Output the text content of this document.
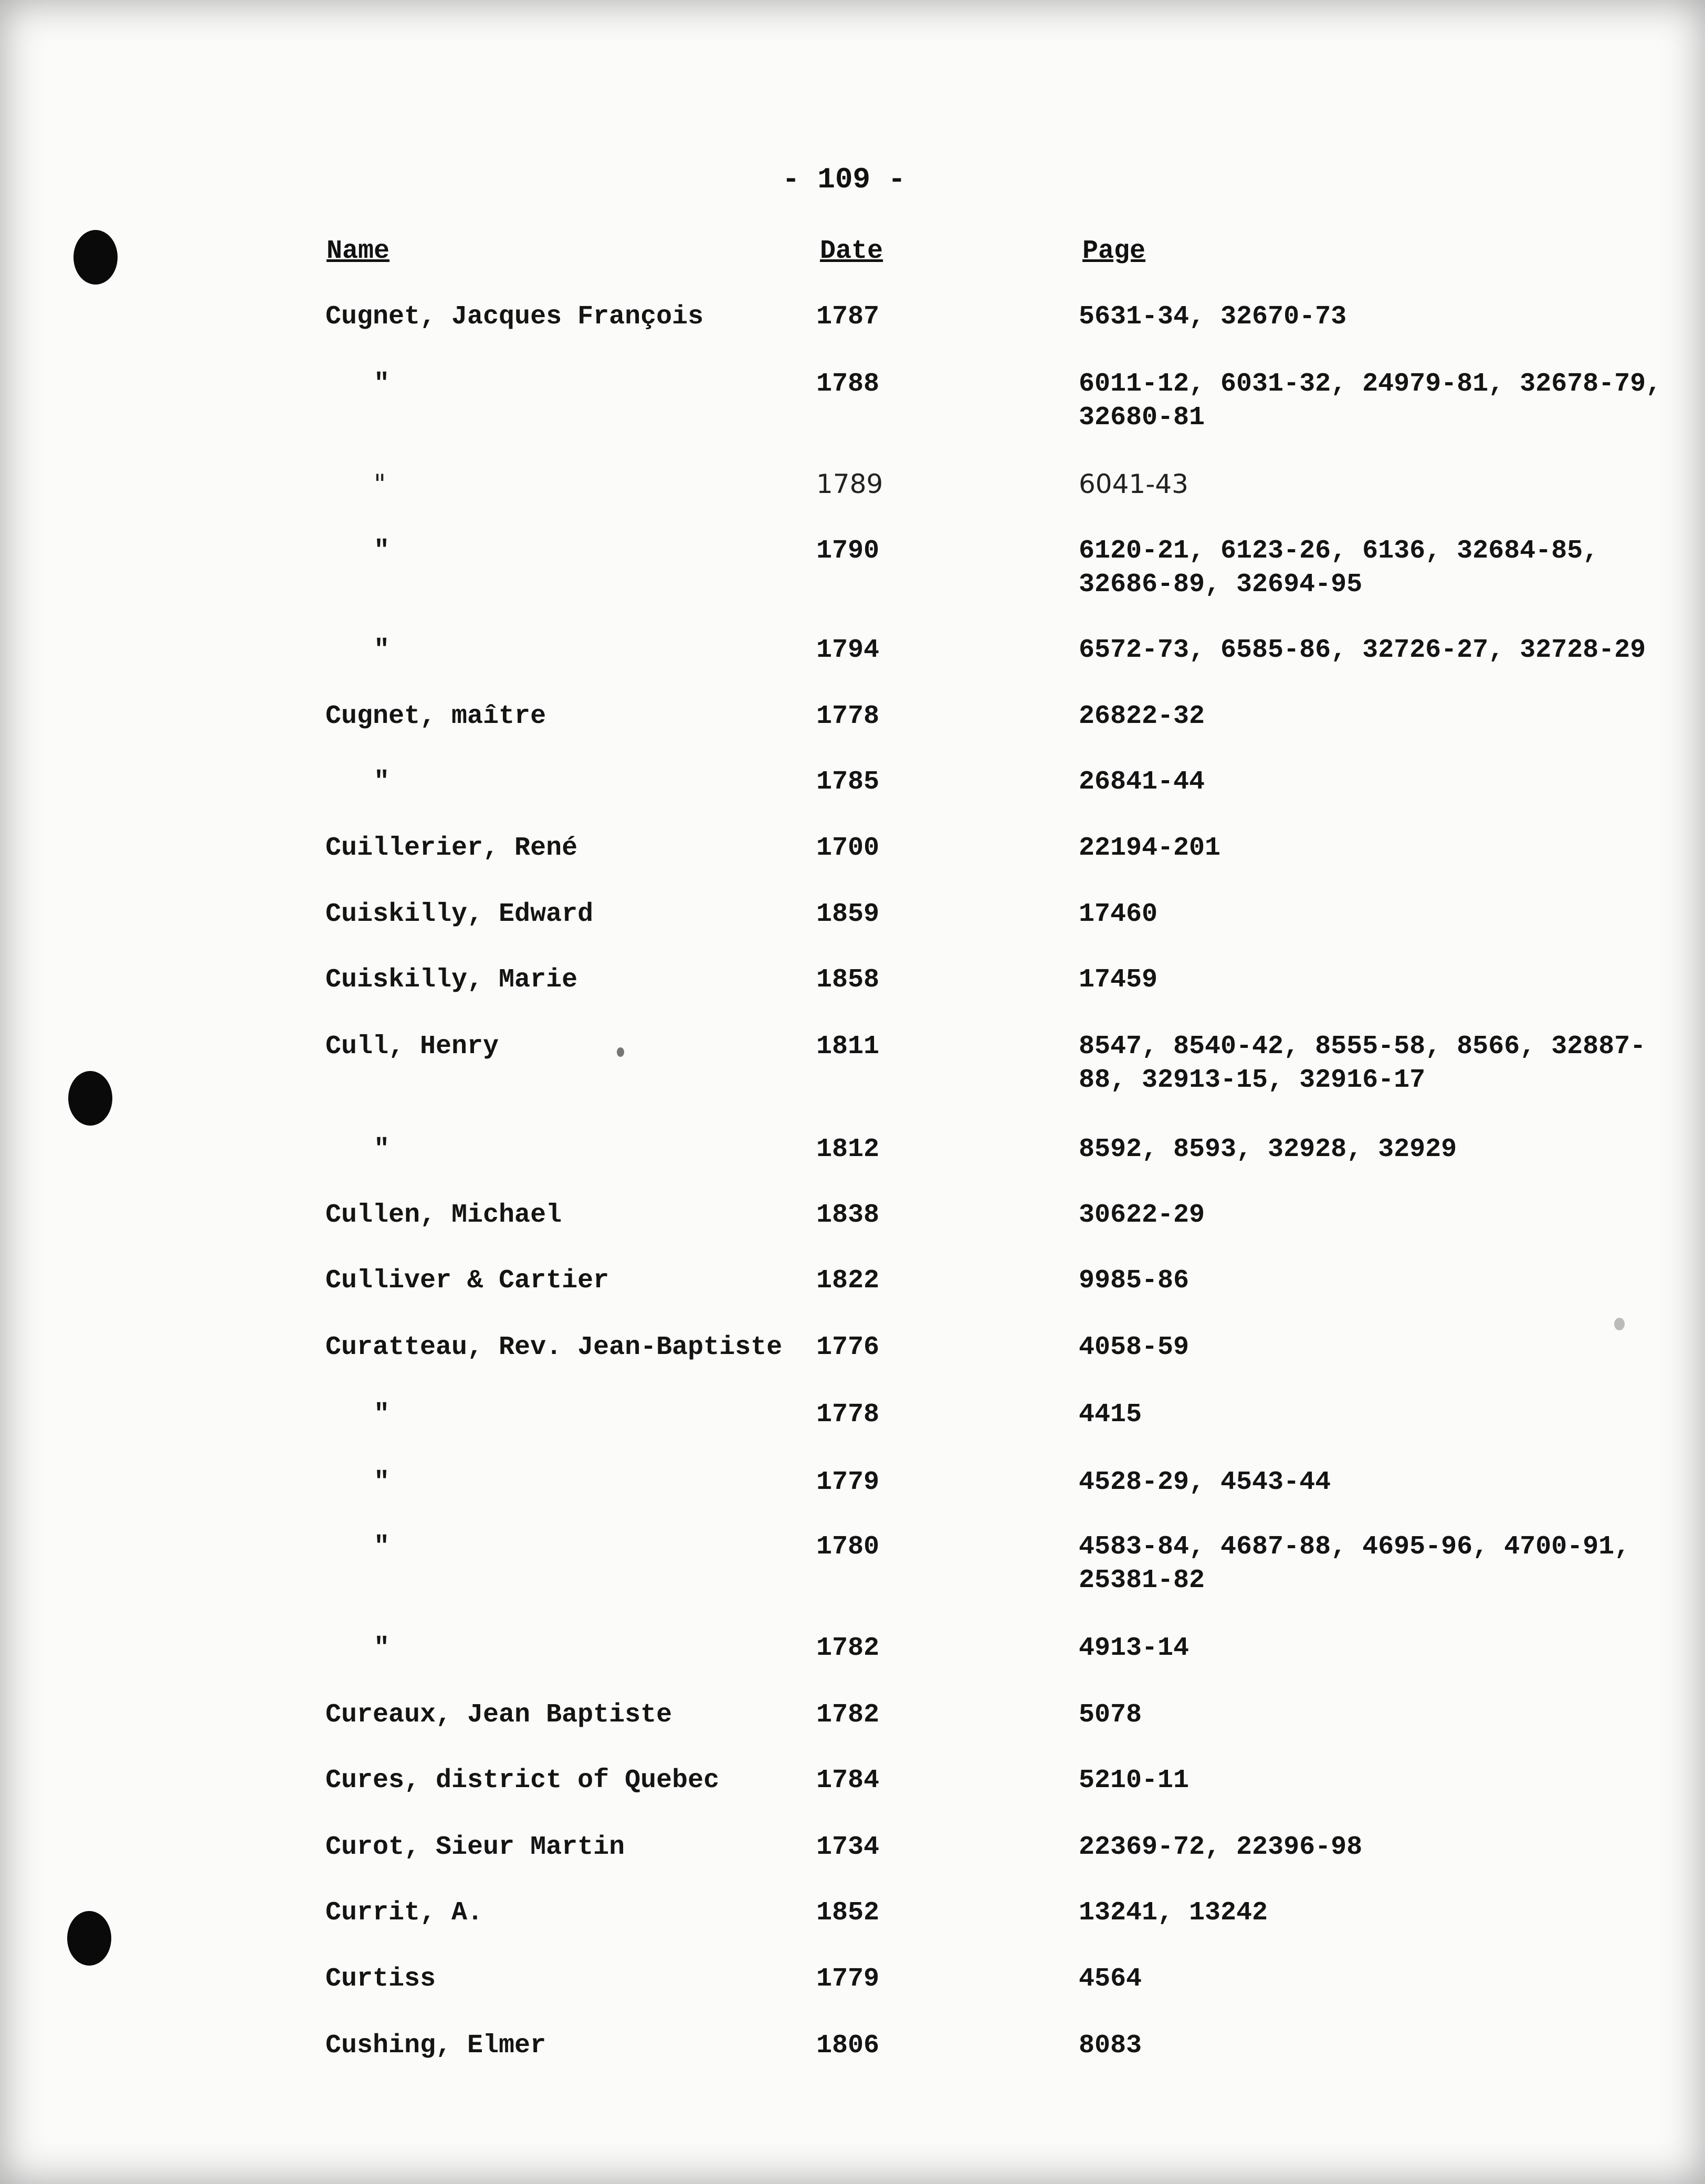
- 109 -
Name	Date	Page
Cugnet, Jacques François	1787	5631-34, 32670-73
"	1788	6011-12, 6031-32, 24979-81, 32678-79, 32680-81
"	1789	6041-43
"	1790	6120-21, 6123-26, 6136, 32684-85, 32686-89, 32694-95
"	1794	6572-73, 6585-86, 32726-27, 32728-29
Cugnet, maître	1778	26822-32
"	1785	26841-44
Cuillerier, René	1700	22194-201
Cuiskilly, Edward	1859	17460
Cuiskilly, Marie	1858	17459
Cull, Henry	1811	8547, 8540-42, 8555-58, 8566, 32887-88, 32913-15, 32916-17
"	1812	8592, 8593, 32928, 32929
Cullen, Michael	1838	30622-29
Culliver & Cartier	1822	9985-86
Curatteau, Rev. Jean-Baptiste 1776	4058-59
"	1778	4415
"	1779	4528-29, 4543-44
"	1780	4583-84, 4687-88, 4695-96, 4700-91, 25381-82
"	1782	4913-14
Cureaux, Jean Baptiste	1782	5078
Cures, district of Quebec	1784	5210-11
Curot, Sieur Martin	1734	22369-72, 22396-98
Currit, A.	1852	13241, 13242
Curtiss	1779	4564
Cushing, Elmer	1806	8083
